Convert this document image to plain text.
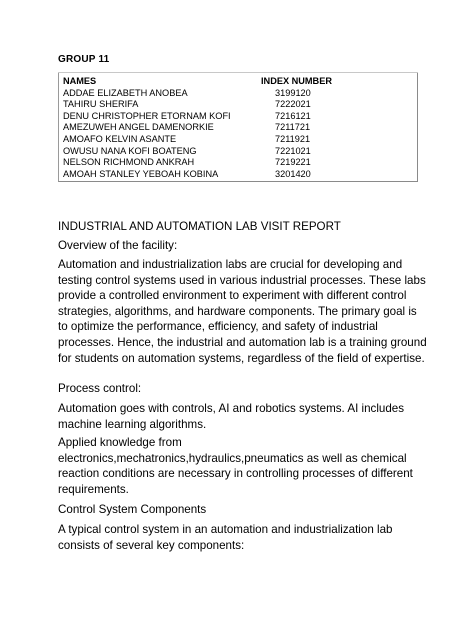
GROUP 11
NAMES	INDEX NUMBER
ADDAE ELIZABETH ANOBEA	3199120
TAHIRU SHERIFA	7222021
DENU CHRISTOPHER ETORNAM KOFI	7216121
AMEZUWEH ANGEL DAMENORKIE	7211721
AMOAFO KELVIN ASANTE	7211921
OWUSU NANA KOFI BOATENG	7221021
NELSON RICHMOND ANKRAH	7219221
AMOAH STANLEY YEBOAH KOBINA	3201420
INDUSTRIAL AND AUTOMATION LAB VISIT REPORT
Overview of the facility:

Automation and industrialization labs are crucial for developing and testing control systems used in various industrial processes. These labs provide a controlled environment to experiment with different control strategies, algorithms, and hardware components. The primary goal is to optimize the performance, efficiency, and safety of industrial processes. Hence, the industrial and automation lab is a training ground for students on automation systems, regardless of the field of expertise.

Process control:

Automation goes with controls, AI and robotics systems. AI includes machine learning algorithms.

Applied knowledge from electronics,mechatronics,hydraulics,pneumatics as well as chemical reaction conditions are necessary in controlling processes of different requirements.

Control System Components

A typical control system in an automation and industrialization lab consists of several key components:
